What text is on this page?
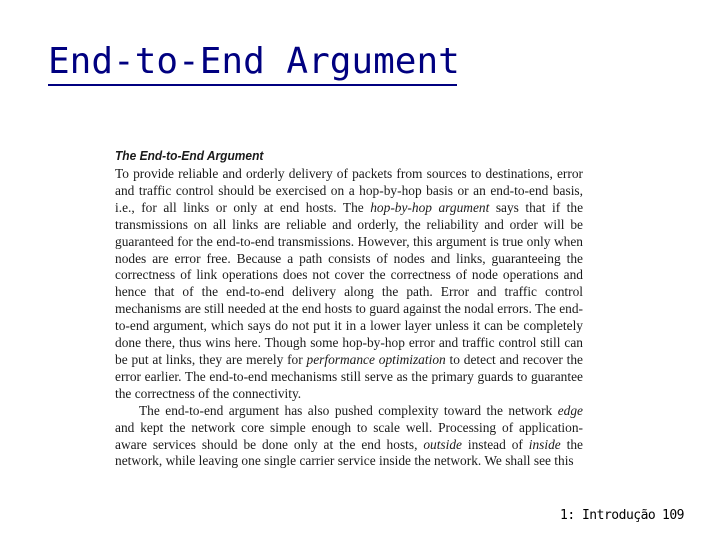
End-to-End Argument
The End-to-End Argument

To provide reliable and orderly delivery of packets from sources to destinations, error and traffic control should be exercised on a hop-by-hop basis or an end-to-end basis, i.e., for all links or only at end hosts. The hop-by-hop argument says that if the transmissions on all links are reliable and orderly, the reliability and order will be guaranteed for the end-to-end transmissions. However, this argument is true only when nodes are error free. Because a path consists of nodes and links, guaranteeing the correctness of link operations does not cover the correctness of node operations and hence that of the end-to-end delivery along the path. Error and traffic control mechanisms are still needed at the end hosts to guard against the nodal errors. The end-to-end argument, which says do not put it in a lower layer unless it can be completely done there, thus wins here. Though some hop-by-hop error and traffic control still can be put at links, they are merely for performance optimization to detect and recover the error earlier. The end-to-end mechanisms still serve as the primary guards to guarantee the correctness of the connectivity.

The end-to-end argument has also pushed complexity toward the network edge and kept the network core simple enough to scale well. Processing of application-aware services should be done only at the end hosts, outside instead of inside the network, while leaving one single carrier service inside the network. We shall see this

1: Introdução 109
